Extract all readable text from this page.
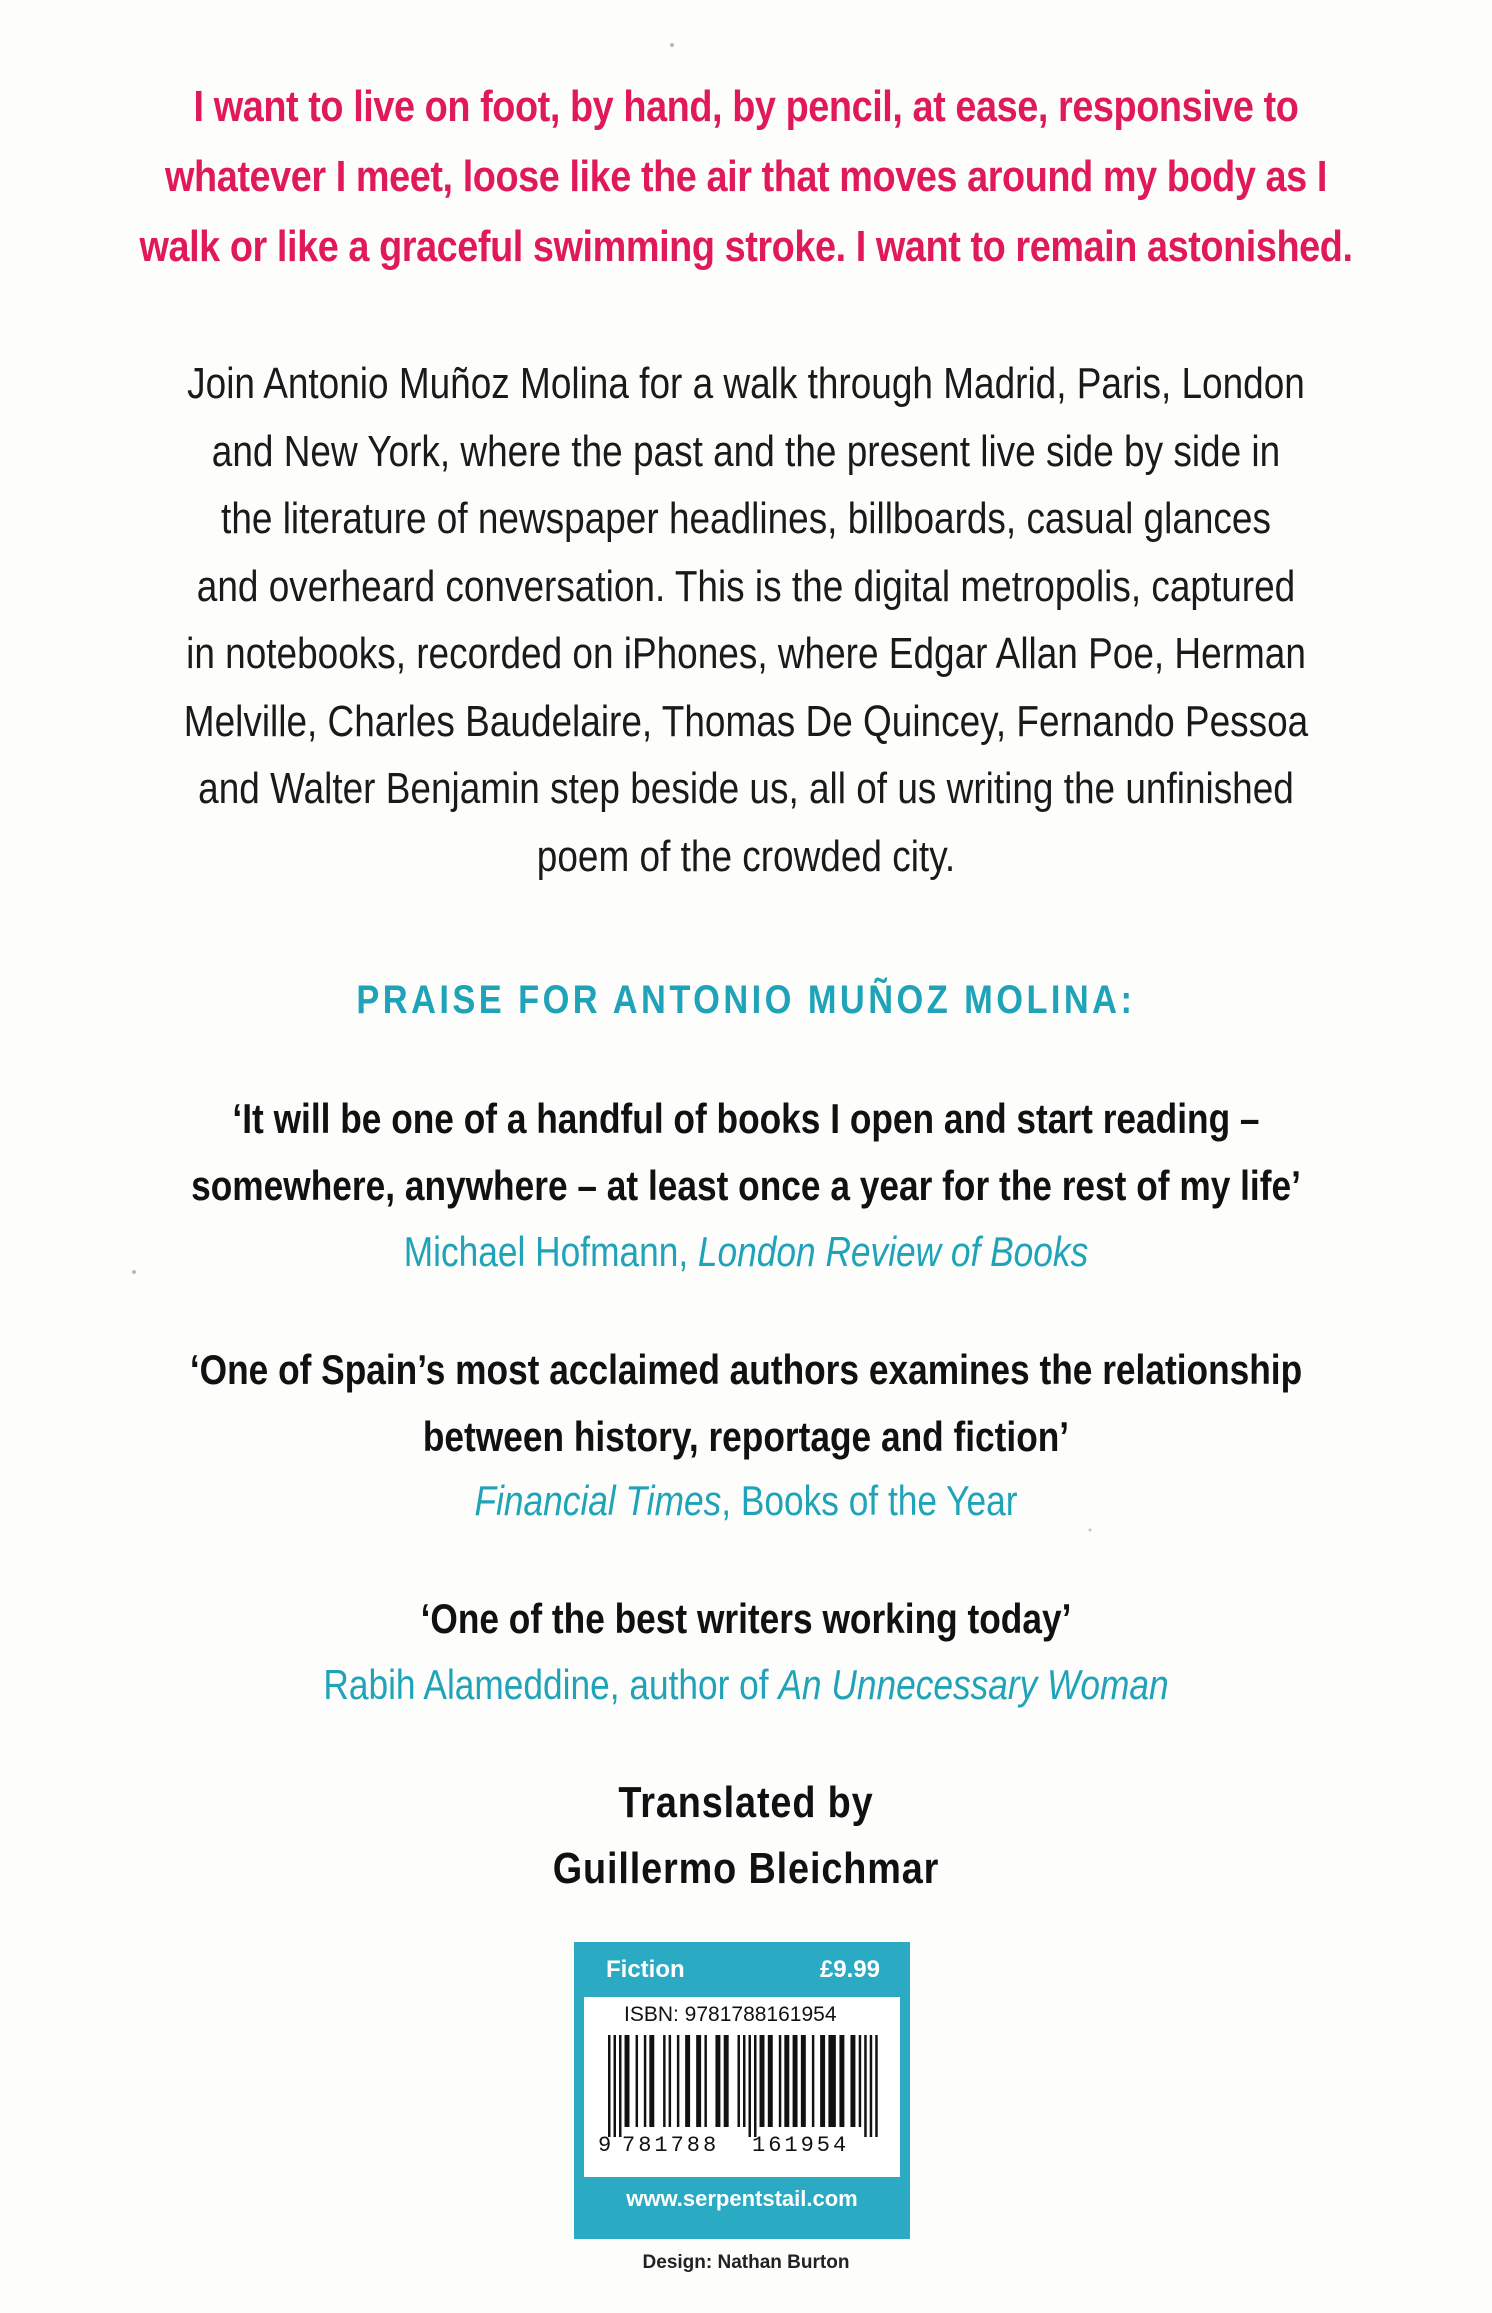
I want to live on foot, by hand, by pencil, at ease, responsive to
whatever I meet, loose like the air that moves around my body as I
walk or like a graceful swimming stroke. I want to remain astonished.
Join Antonio Muñoz Molina for a walk through Madrid, Paris, London
and New York, where the past and the present live side by side in
the literature of newspaper headlines, billboards, casual glances
and overheard conversation. This is the digital metropolis, captured
in notebooks, recorded on iPhones, where Edgar Allan Poe, Herman
Melville, Charles Baudelaire, Thomas De Quincey, Fernando Pessoa
and Walter Benjamin step beside us, all of us writing the unfinished
poem of the crowded city.
PRAISE FOR ANTONIO MUÑOZ MOLINA:
‘It will be one of a handful of books I open and start reading –
somewhere, anywhere – at least once a year for the rest of my life’
Michael Hofmann, London Review of Books
‘One of Spain’s most acclaimed authors examines the relationship
between history, reportage and fiction’
Financial Times, Books of the Year
‘One of the best writers working today’
Rabih Alameddine, author of An Unnecessary Woman
Translated by
Guillermo Bleichmar
Fiction	£9.99
ISBN: 9781788161954
9 781788 161954
www.serpentstail.com
Design: Nathan Burton
